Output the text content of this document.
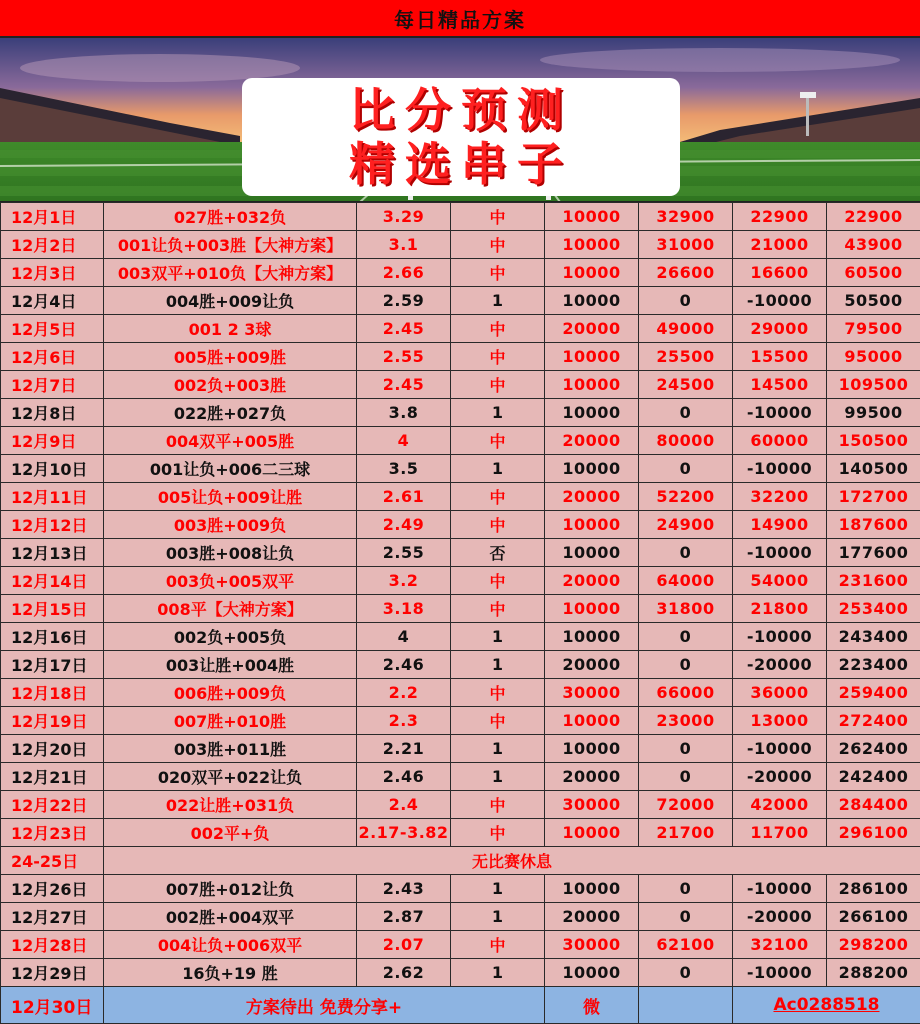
每日精品方案
比分预测
精选串子
12月1日	027胜+032负	3.29	中	10000	32900	22900	22900
12月2日	001让负+003胜【大神方案】	3.1	中	10000	31000	21000	43900
12月3日	003双平+010负【大神方案】	2.66	中	10000	26600	16600	60500
12月4日	004胜+009让负	2.59	1	10000	0	-10000	50500
12月5日	001 2 3球	2.45	中	20000	49000	29000	79500
12月6日	005胜+009胜	2.55	中	10000	25500	15500	95000
12月7日	002负+003胜	2.45	中	10000	24500	14500	109500
12月8日	022胜+027负	3.8	1	10000	0	-10000	99500
12月9日	004双平+005胜	4	中	20000	80000	60000	150500
12月10日	001让负+006二三球	3.5	1	10000	0	-10000	140500
12月11日	005让负+009让胜	2.61	中	20000	52200	32200	172700
12月12日	003胜+009负	2.49	中	10000	24900	14900	187600
12月13日	003胜+008让负	2.55	否	10000	0	-10000	177600
12月14日	003负+005双平	3.2	中	20000	64000	54000	231600
12月15日	008平【大神方案】	3.18	中	10000	31800	21800	253400
12月16日	002负+005负	4	1	10000	0	-10000	243400
12月17日	003让胜+004胜	2.46	1	20000	0	-20000	223400
12月18日	006胜+009负	2.2	中	30000	66000	36000	259400
12月19日	007胜+010胜	2.3	中	10000	23000	13000	272400
12月20日	003胜+011胜	2.21	1	10000	0	-10000	262400
12月21日	020双平+022让负	2.46	1	20000	0	-20000	242400
12月22日	022让胜+031负	2.4	中	30000	72000	42000	284400
12月23日	002平+负	2.17-3.82	中	10000	21700	11700	296100
24-25日	无比赛休息						
12月26日	007胜+012让负	2.43	1	10000	0	-10000	286100
12月27日	002胜+004双平	2.87	1	20000	0	-20000	266100
12月28日	004让负+006双平	2.07	中	30000	62100	32100	298200
12月29日	16负+19 胜	2.62	1	10000	0	-10000	288200
12月30日	方案待出 免费分享+			微		Ac0288518	
